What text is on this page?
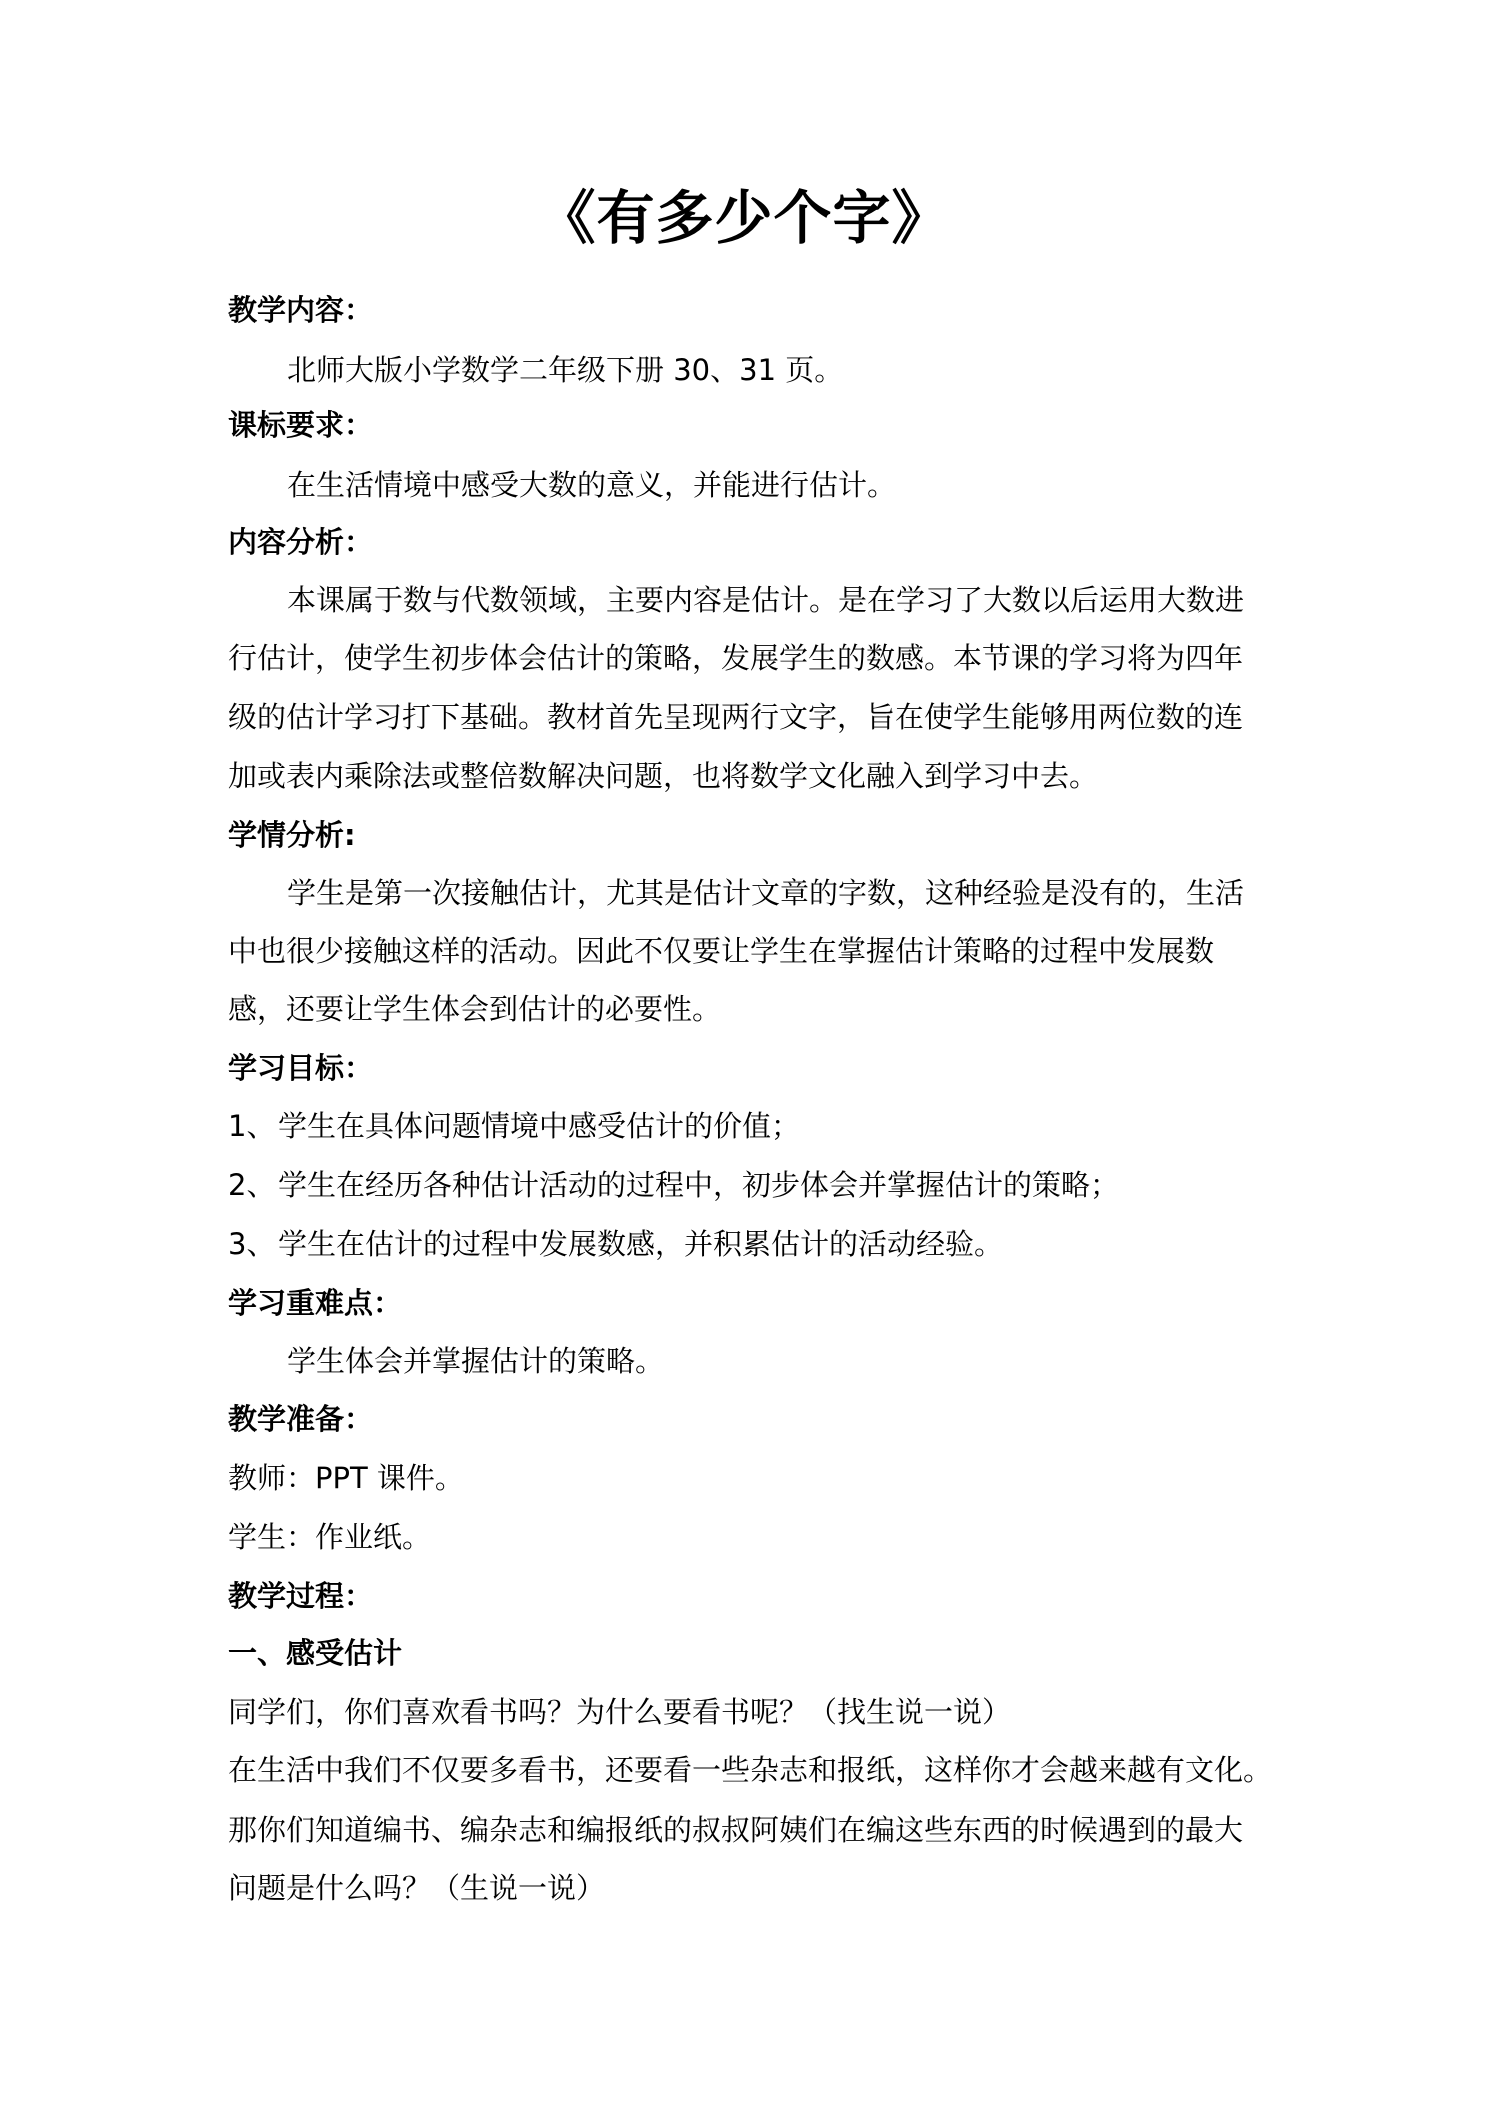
《有多少个字》
教学内容：
北师大版小学数学二年级下册 30、31 页。
课标要求：
在生活情境中感受大数的意义，并能进行估计。
内容分析：
本课属于数与代数领域，主要内容是估计。是在学习了大数以后运用大数进
行估计，使学生初步体会估计的策略，发展学生的数感。本节课的学习将为四年
级的估计学习打下基础。教材首先呈现两行文字，旨在使学生能够用两位数的连
加或表内乘除法或整倍数解决问题，也将数学文化融入到学习中去。
学情分析:
学生是第一次接触估计，尤其是估计文章的字数，这种经验是没有的，生活
中也很少接触这样的活动。因此不仅要让学生在掌握估计策略的过程中发展数
感，还要让学生体会到估计的必要性。
学习目标：
1、学生在具体问题情境中感受估计的价值；
2、学生在经历各种估计活动的过程中，初步体会并掌握估计的策略；
3、学生在估计的过程中发展数感，并积累估计的活动经验。
学习重难点：
学生体会并掌握估计的策略。
教学准备：
教师：PPT 课件。
学生：作业纸。
教学过程：
一、感受估计
同学们，你们喜欢看书吗？为什么要看书呢？（找生说一说）
在生活中我们不仅要多看书，还要看一些杂志和报纸，这样你才会越来越有文化。
那你们知道编书、编杂志和编报纸的叔叔阿姨们在编这些东西的时候遇到的最大
问题是什么吗？（生说一说）
